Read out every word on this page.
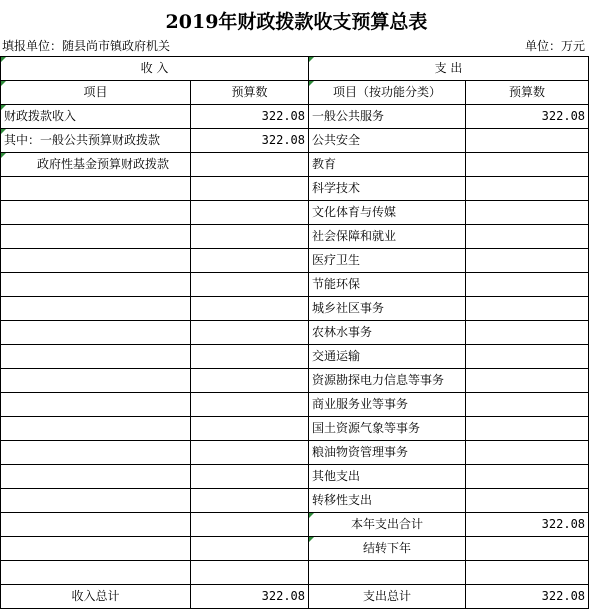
2019年财政拨款收支预算总表
填报单位：随县尚市镇政府机关	单位：万元
收 入		支 出	
项目	预算数	项目（按功能分类）	预算数
财政拨款收入	322.08	一般公共服务	322.08
其中：一般公共预算财政拨款	322.08	公共安全	
政府性基金预算财政拨款		教育	
		科学技术	
		文化体育与传媒	
		社会保障和就业	
		医疗卫生	
		节能环保	
		城乡社区事务	
		农林水事务	
		交通运输	
		资源勘探电力信息等事务	
		商业服务业等事务	
		国土资源气象等事务	
		粮油物资管理事务	
		其他支出	
		转移性支出	
		本年支出合计	322.08
		结转下年	

收入总计	322.08	支出总计	322.08
